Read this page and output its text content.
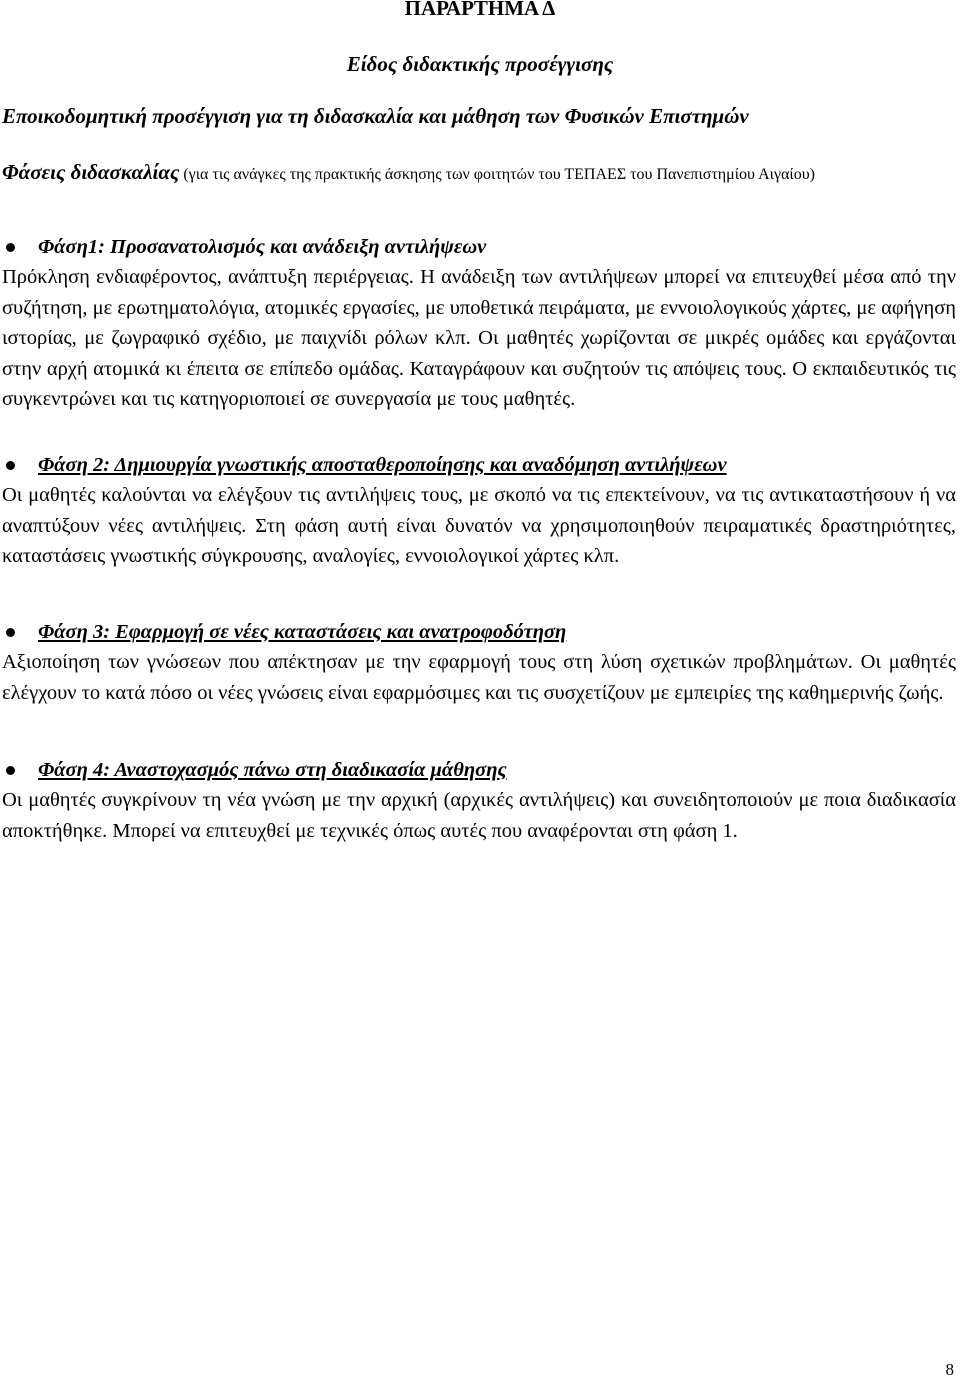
ΠΑΡΑΡΤΗΜΑ Δ
Είδος διδακτικής προσέγγισης
Εποικοδομητική προσέγγιση για τη διδασκαλία και μάθηση των Φυσικών Επιστημών
Φάσεις διδασκαλίας (για τις ανάγκες της πρακτικής άσκησης των φοιτητών του ΤΕΠΑΕΣ του Πανεπιστημίου Αιγαίου)
Φάση1: Προσανατολισμός και ανάδειξη αντιλήψεων
Πρόκληση ενδιαφέροντος, ανάπτυξη περιέργειας. Η ανάδειξη των αντιλήψεων μπορεί να επιτευχθεί μέσα από την συζήτηση, με ερωτηματολόγια, ατομικές εργασίες, με υποθετικά πειράματα, με εννοιολογικούς χάρτες, με αφήγηση ιστορίας, με ζωγραφικό σχέδιο, με παιχνίδι ρόλων κλπ. Οι μαθητές χωρίζονται σε μικρές ομάδες και εργάζονται στην αρχή ατομικά κι έπειτα σε επίπεδο ομάδας. Καταγράφουν και συζητούν τις απόψεις τους. Ο εκπαιδευτικός τις συγκεντρώνει και τις κατηγοριοποιεί σε συνεργασία με τους μαθητές.
Φάση 2: Δημιουργία γνωστικής αποσταθεροποίησης και αναδόμηση αντιλήψεων
Οι μαθητές καλούνται να ελέγξουν τις αντιλήψεις τους, με σκοπό να τις επεκτείνουν, να τις αντικαταστήσουν ή να αναπτύξουν νέες αντιλήψεις. Στη φάση αυτή είναι δυνατόν να χρησιμοποιηθούν πειραματικές δραστηριότητες, καταστάσεις γνωστικής σύγκρουσης, αναλογίες, εννοιολογικοί χάρτες κλπ.
Φάση 3: Εφαρμογή σε νέες καταστάσεις και ανατροφοδότηση
Αξιοποίηση των γνώσεων που απέκτησαν με την εφαρμογή τους στη λύση σχετικών προβλημάτων. Οι μαθητές ελέγχουν το κατά πόσο οι νέες γνώσεις είναι εφαρμόσιμες και τις συσχετίζουν με εμπειρίες της καθημερινής ζωής.
Φάση 4: Αναστοχασμός πάνω στη διαδικασία μάθησης
Οι μαθητές συγκρίνουν τη νέα γνώση με την αρχική (αρχικές αντιλήψεις) και συνειδητοποιούν με ποια διαδικασία αποκτήθηκε. Μπορεί να επιτευχθεί με τεχνικές όπως αυτές που αναφέρονται στη φάση 1.
8
